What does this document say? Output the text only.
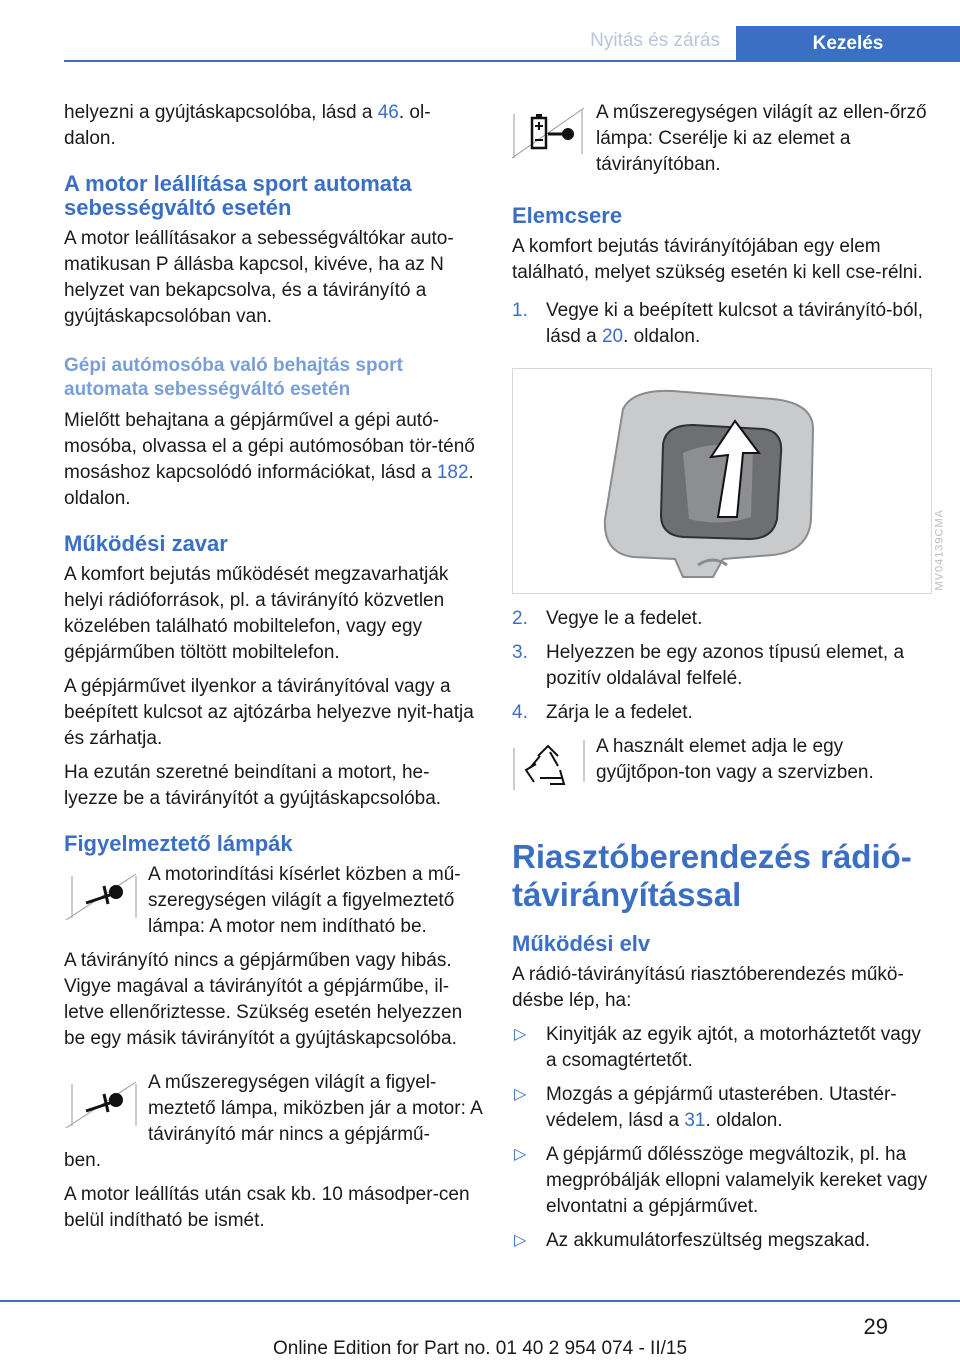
Nyitás és zárás	Kezelés

helyezni a gyújtáskapcsolóba, lásd a 46. ol‐dalon.

A motor leállítása sport automata sebességváltó esetén

A motor leállításakor a sebességváltókar auto‐matikusan P állásba kapcsol, kivéve, ha az N helyzet van bekapcsolva, és a távirányító a gyújtáskapcsolóban van.

Gépi autómosóba való behajtás sport automata sebességváltó esetén

Mielőtt behajtana a gépjárművel a gépi autó‐mosóba, olvassa el a gépi autómosóban tör‐ténő mosáshoz kapcsolódó információkat, lásd a 182. oldalon.

Működési zavar

A komfort bejutás működését megzavarhatják helyi rádióforrások, pl. a távirányító közvetlen közelében található mobiltelefon, vagy egy gépjárműben töltött mobiltelefon.

A gépjárművet ilyenkor a távirányítóval vagy a beépített kulcsot az ajtózárba helyezve nyit‐hatja és zárhatja.

Ha ezután szeretné beindítani a motort, he‐lyezze be a távirányítót a gyújtáskapcsolóba.

Figyelmeztető lámpák
A motorindítási kísérlet közben a mű‐szeregységen világít a figyelmeztető lámpa: A motor nem indítható be.

A távirányító nincs a gépjárműben vagy hibás. Vigye magával a távirányítót a gépjárműbe, il‐letve ellenőriztesse. Szükség esetén helyezzen be egy másik távirányítót a gyújtáskapcsolóba.

A műszeregységen világít a figyel‐meztető lámpa, miközben jár a motor: A távirányító már nincs a gépjármű‐
ben.

A motor leállítás után csak kb. 10 másodper‐cen belül indítható be ismét.

A műszeregységen világít az ellen‐őrző lámpa: Cserélje ki az elemet a távirányítóban.
Elemcsere

A komfort bejutás távirányítójában egy elem található, melyet szükség esetén ki kell cse‐rélni.

1. Vegye ki a beépített kulcsot a távirányító‐ból, lásd a 20. oldalon.
MV04139CMA
2. Vegye le a fedelet.
3. Helyezzen be egy azonos típusú elemet, a pozitív oldalával felfelé.
4. Zárja le a fedelet.
A használt elemet adja le egy gyűjtőpon‐ton vagy a szervizben.
Riasztóberendezés rádió‐távirányítással
Működési elv

A rádió-távirányítású riasztóberendezés műkö‐désbe lép, ha:

▷ Kinyitják az egyik ajtót, a motorháztetőt vagy a csomagtértetőt.
▷ Mozgás a gépjármű utasterében. Utastér‐védelem, lásd a 31. oldalon.
▷ A gépjármű dőlésszöge megváltozik, pl. ha megpróbálják ellopni valamelyik kereket vagy elvontatni a gépjárművet.
▷ Az akkumulátorfeszültség megszakad.
29
Online Edition for Part no. 01 40 2 954 074 - II/15
